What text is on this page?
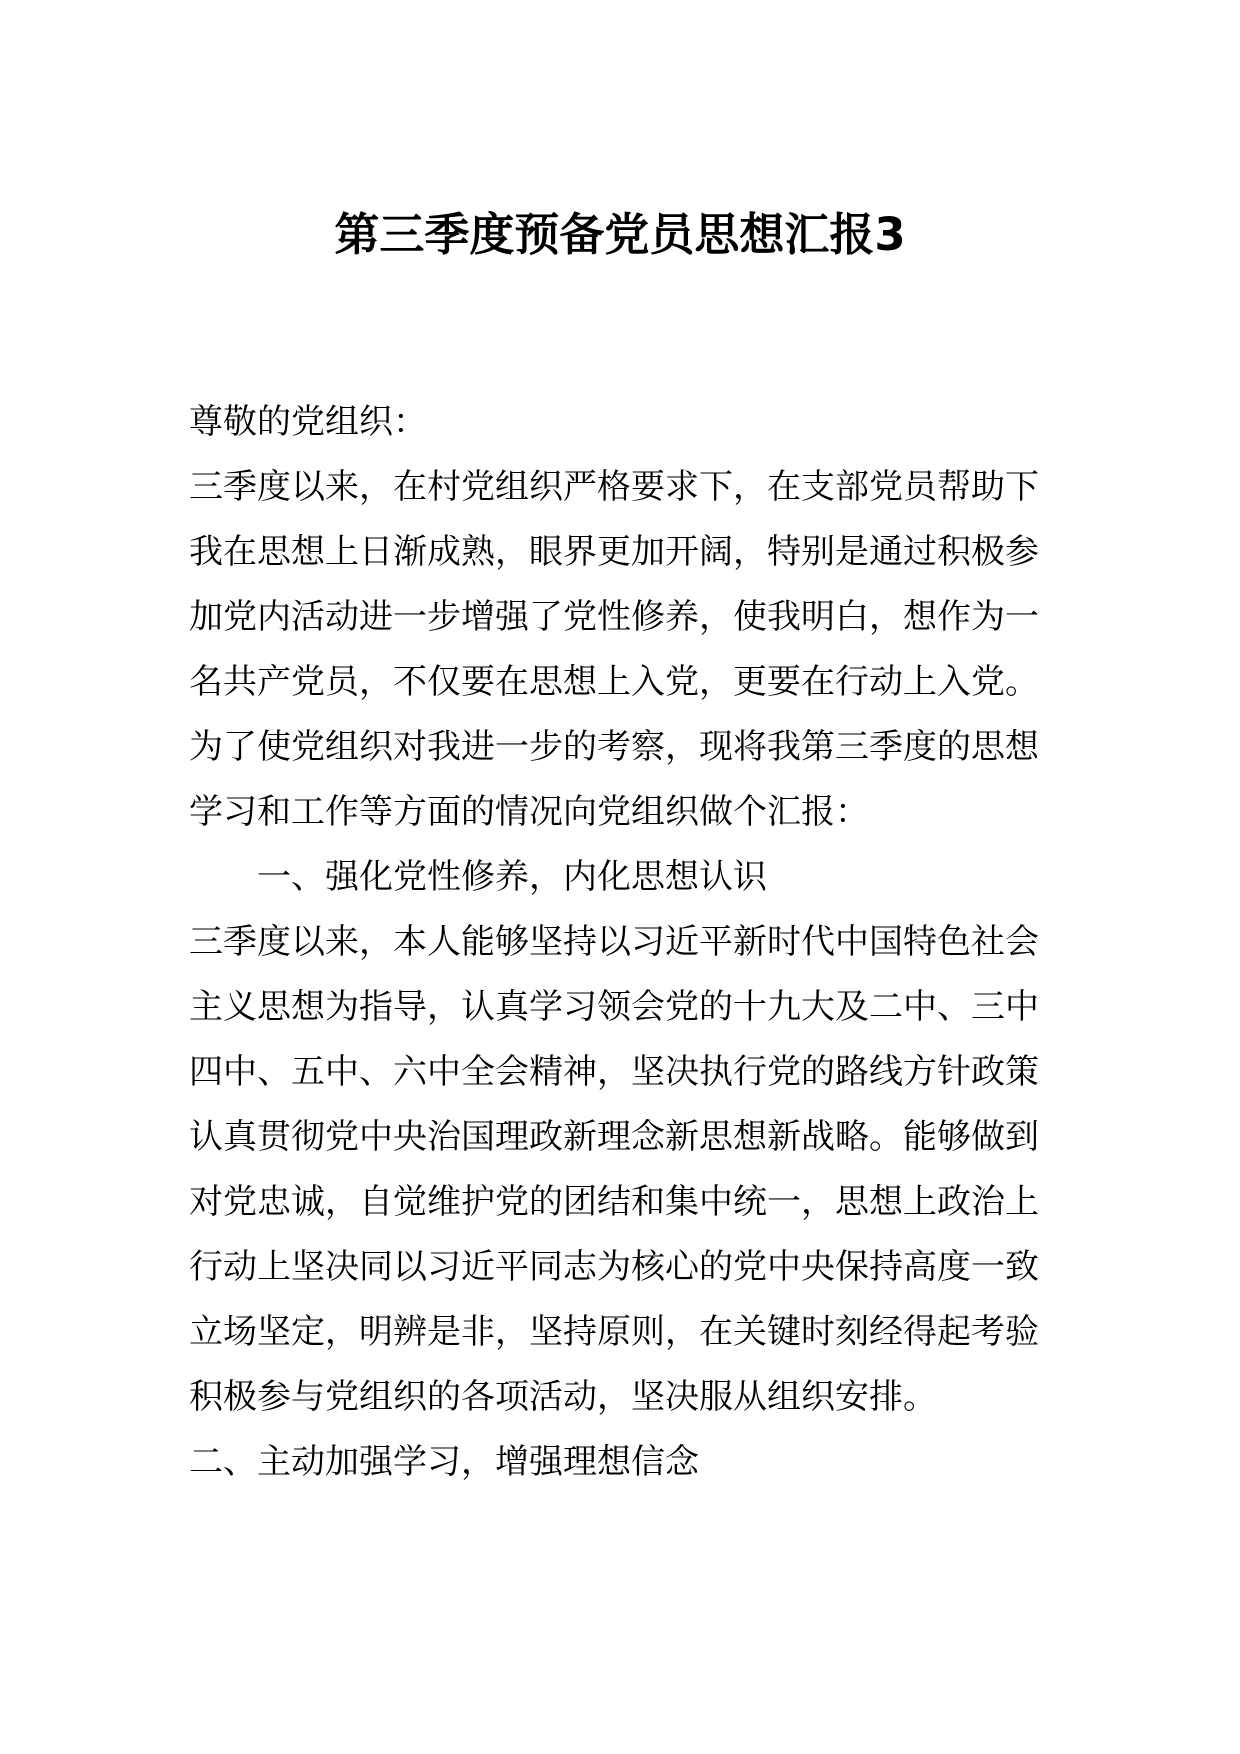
第三季度预备党员思想汇报3
尊敬的党组织：
三季度以来，在村党组织严格要求下，在支部党员帮助下
我在思想上日渐成熟，眼界更加开阔，特别是通过积极参
加党内活动进一步增强了党性修养，使我明白，想作为一
名共产党员，不仅要在思想上入党，更要在行动上入党。
为了使党组织对我进一步的考察，现将我第三季度的思想
学习和工作等方面的情况向党组织做个汇报：
一、强化党性修养，内化思想认识
三季度以来，本人能够坚持以习近平新时代中国特色社会
主义思想为指导，认真学习领会党的十九大及二中、三中
四中、五中、六中全会精神，坚决执行党的路线方针政策
认真贯彻党中央治国理政新理念新思想新战略。能够做到
对党忠诚，自觉维护党的团结和集中统一，思想上政治上
行动上坚决同以习近平同志为核心的党中央保持高度一致
立场坚定，明辨是非，坚持原则，在关键时刻经得起考验
积极参与党组织的各项活动，坚决服从组织安排。
二、主动加强学习，增强理想信念
